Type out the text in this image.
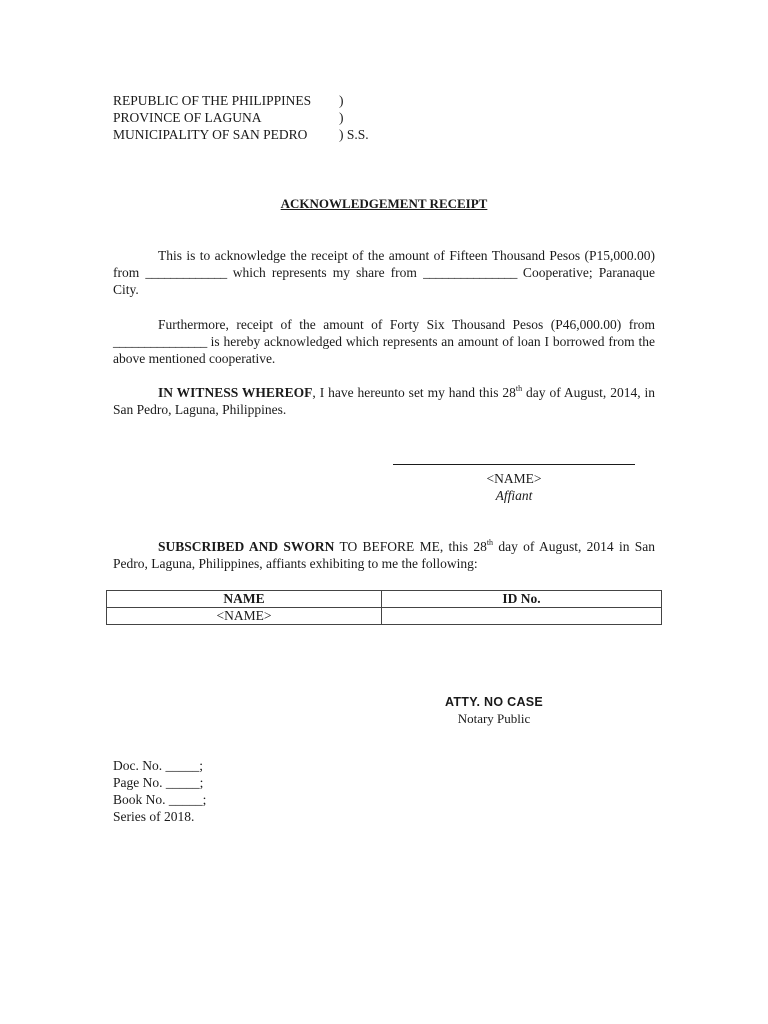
REPUBLIC OF THE PHILIPPINES )
PROVINCE OF LAGUNA	)
MUNICIPALITY OF SAN PEDRO ) S.S.
ACKNOWLEDGEMENT RECEIPT
This is to acknowledge the receipt of the amount of Fifteen Thousand Pesos (P15,000.00) from _____________ which represents my share from _______________ Cooperative; Paranaque City.
Furthermore, receipt of the amount of Forty Six Thousand Pesos (P46,000.00) from _______________ is hereby acknowledged which represents an amount of loan I borrowed from the above mentioned cooperative.
IN WITNESS WHEREOF, I have hereunto set my hand this 28th day of August, 2014, in San Pedro, Laguna, Philippines.
<NAME>
Affiant
SUBSCRIBED AND SWORN TO BEFORE ME, this 28th day of August, 2014 in San Pedro, Laguna, Philippines, affiants exhibiting to me the following:
NAME	ID No.
<NAME>	
ATTY. NO CASE
Notary Public
Doc. No. _____;
Page No. _____;
Book No. _____;
Series of 2018.
